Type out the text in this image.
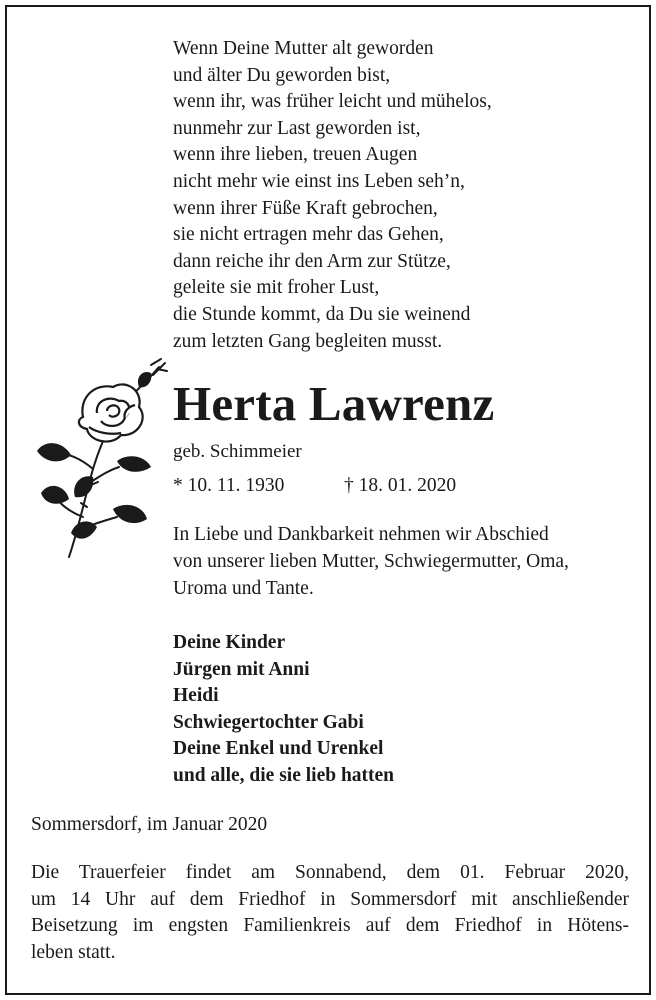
Wenn Deine Mutter alt geworden
und älter Du geworden bist,
wenn ihr, was früher leicht und mühelos,
nunmehr zur Last geworden ist,
wenn ihre lieben, treuen Augen
nicht mehr wie einst ins Leben seh’n,
wenn ihrer Füße Kraft gebrochen,
sie nicht ertragen mehr das Gehen,
dann reiche ihr den Arm zur Stütze,
geleite sie mit froher Lust,
die Stunde kommt, da Du sie weinend
zum letzten Gang begleiten musst.
Herta Lawrenz
geb. Schimmeier
* 10. 11. 1930	† 18. 01. 2020
In Liebe und Dankbarkeit nehmen wir Abschied
von unserer lieben Mutter, Schwiegermutter, Oma,
Uroma und Tante.
Deine Kinder
Jürgen mit Anni
Heidi
Schwiegertochter Gabi
Deine Enkel und Urenkel
und alle, die sie lieb hatten
Sommersdorf, im Januar 2020
Die Trauerfeier findet am Sonnabend, dem 01. Februar 2020,
um 14 Uhr auf dem Friedhof in Sommersdorf mit anschließender
Beisetzung im engsten Familienkreis auf dem Friedhof in Hötens-
leben statt.
